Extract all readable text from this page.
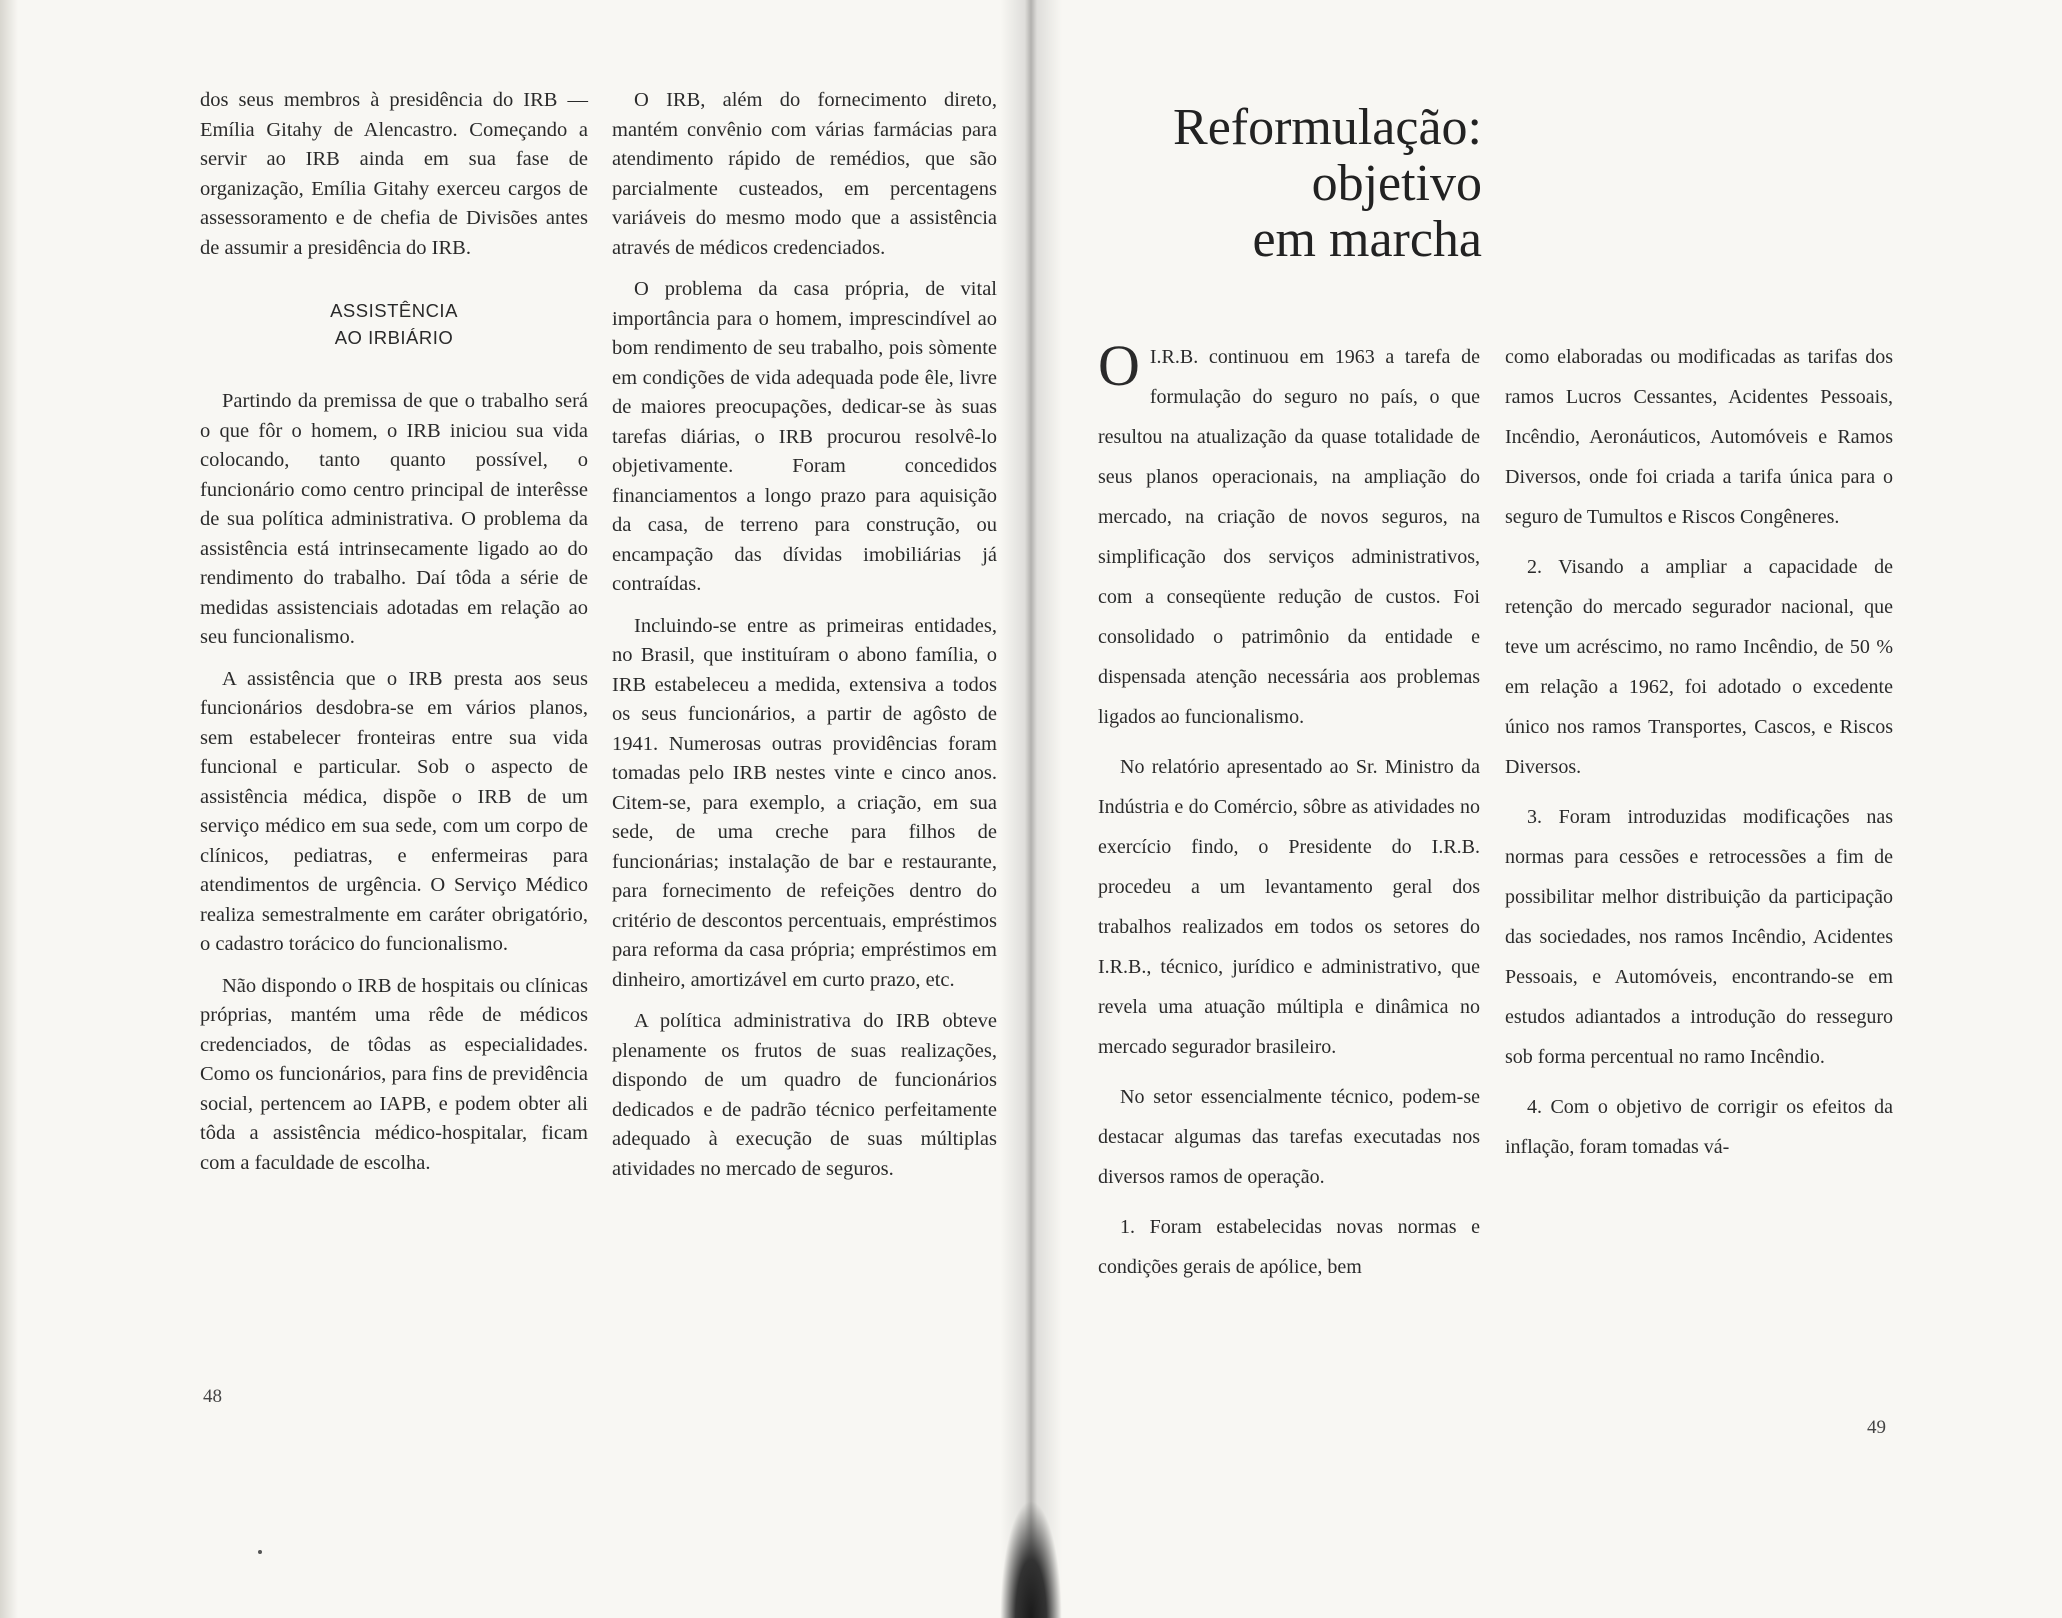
dos seus membros à presidência do IRB — Emília Gitahy de Alencastro. Começando a servir ao IRB ainda em sua fase de organização, Emília Gitahy exerceu cargos de assessoramento e de chefia de Divisões antes de assumir a presidência do IRB.

ASSISTÊNCIA
AO IRBIÁRIO

Partindo da premissa de que o trabalho será o que fôr o homem, o IRB iniciou sua vida colocando, tanto quanto possível, o funcionário como centro principal de interêsse de sua política administrativa. O problema da assistência está intrinsecamente ligado ao do rendimento do trabalho. Daí tôda a série de medidas assistenciais adotadas em relação ao seu funcionalismo.

A assistência que o IRB presta aos seus funcionários desdobra-se em vários planos, sem estabelecer fronteiras entre sua vida funcional e particular. Sob o aspecto de assistência médica, dispõe o IRB de um serviço médico em sua sede, com um corpo de clínicos, pediatras, e enfermeiras para atendimentos de urgência. O Serviço Médico realiza semestralmente em caráter obrigatório, o cadastro torácico do funcionalismo.

Não dispondo o IRB de hospitais ou clínicas próprias, mantém uma rêde de médicos credenciados, de tôdas as especialidades. Como os funcionários, para fins de previdência social, pertencem ao IAPB, e podem obter ali tôda a assistência médico-hospitalar, ficam com a faculdade de escolha.

O IRB, além do fornecimento direto, mantém convênio com várias farmácias para atendimento rápido de remédios, que são parcialmente custeados, em percentagens variáveis do mesmo modo que a assistência através de médicos credenciados.

O problema da casa própria, de vital importância para o homem, imprescindível ao bom rendimento de seu trabalho, pois sòmente em condições de vida adequada pode êle, livre de maiores preocupações, dedicar-se às suas tarefas diárias, o IRB procurou resolvê-lo objetivamente. Foram concedidos financiamentos a longo prazo para aquisição da casa, de terreno para construção, ou encampação das dívidas imobiliárias já contraídas.

Incluindo-se entre as primeiras entidades, no Brasil, que instituíram o abono família, o IRB estabeleceu a medida, extensiva a todos os seus funcionários, a partir de agôsto de 1941. Numerosas outras providências foram tomadas pelo IRB nestes vinte e cinco anos. Citem-se, para exemplo, a criação, em sua sede, de uma creche para filhos de funcionárias; instalação de bar e restaurante, para fornecimento de refeições dentro do critério de descontos percentuais, empréstimos para reforma da casa própria; empréstimos em dinheiro, amortizável em curto prazo, etc.

A política administrativa do IRB obteve plenamente os frutos de suas realizações, dispondo de um quadro de funcionários dedicados e de padrão técnico perfeitamente adequado à execução de suas múltiplas atividades no mercado de seguros.

48
Reformulação:
objetivo
em marcha

O I.R.B. continuou em 1963 a tarefa de formulação do seguro no país, o que resultou na atualização da quase totalidade de seus planos operacionais, na ampliação do mercado, na criação de novos seguros, na simplificação dos serviços administrativos, com a conseqüente redução de custos. Foi consolidado o patrimônio da entidade e dispensada atenção necessária aos problemas ligados ao funcionalismo.

No relatório apresentado ao Sr. Ministro da Indústria e do Comércio, sôbre as atividades no exercício findo, o Presidente do I.R.B. procedeu a um levantamento geral dos trabalhos realizados em todos os setores do I.R.B., técnico, jurídico e administrativo, que revela uma atuação múltipla e dinâmica no mercado segurador brasileiro.

No setor essencialmente técnico, podem-se destacar algumas das tarefas executadas nos diversos ramos de operação.

1. Foram estabelecidas novas normas e condições gerais de apólice, bem

como elaboradas ou modificadas as tarifas dos ramos Lucros Cessantes, Acidentes Pessoais, Incêndio, Aeronáuticos, Automóveis e Ramos Diversos, onde foi criada a tarifa única para o seguro de Tumultos e Riscos Congêneres.

2. Visando a ampliar a capacidade de retenção do mercado segurador nacional, que teve um acréscimo, no ramo Incêndio, de 50 % em relação a 1962, foi adotado o excedente único nos ramos Transportes, Cascos, e Riscos Diversos.

3. Foram introduzidas modificações nas normas para cessões e retrocessões a fim de possibilitar melhor distribuição da participação das sociedades, nos ramos Incêndio, Acidentes Pessoais, e Automóveis, encontrando-se em estudos adiantados a introdução do resseguro sob forma percentual no ramo Incêndio.

4. Com o objetivo de corrigir os efeitos da inflação, foram tomadas vá-

49
